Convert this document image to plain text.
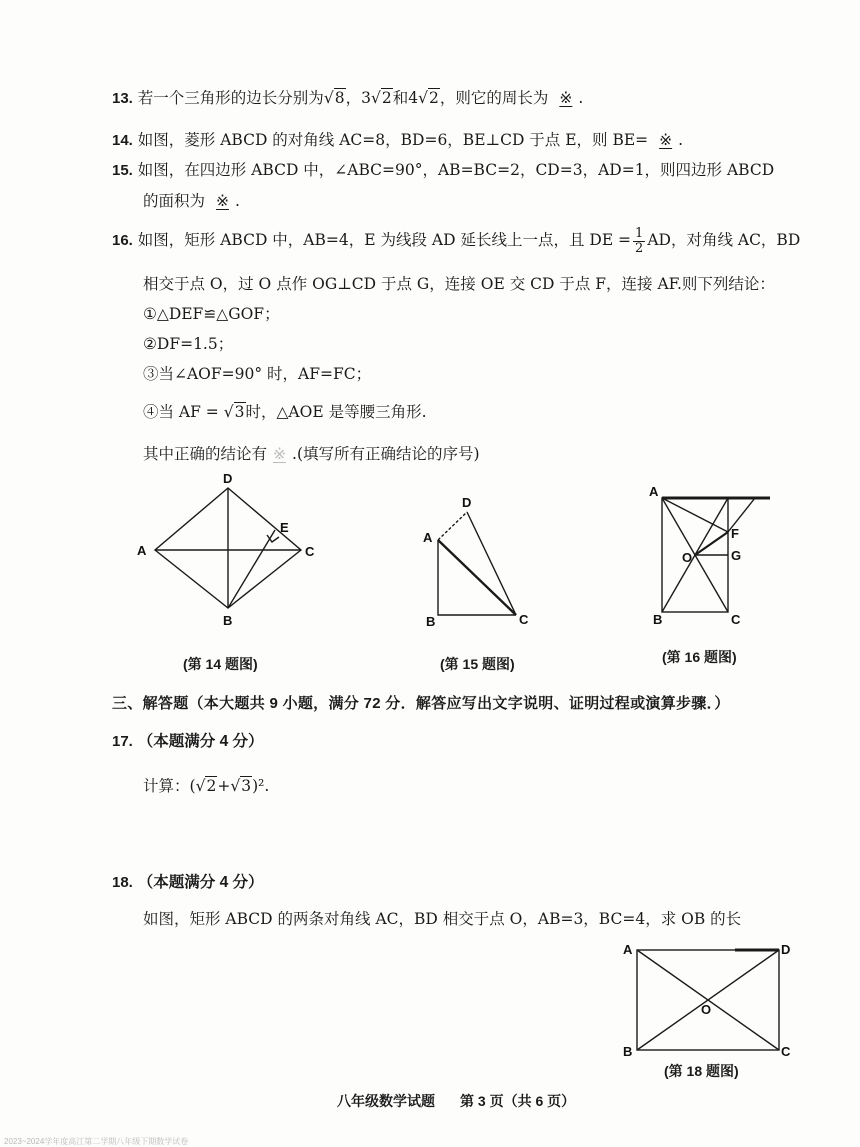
13. 若一个三角形的边长分别为√8，3√2和4√2，则它的周长为 ※ .
14. 如图，菱形 ABCD 的对角线 AC=8，BD=6，BE⊥CD 于点 E，则 BE= ※ .
15. 如图，在四边形 ABCD 中，∠ABC=90°，AB=BC=2，CD=3，AD=1，则四边形 ABCD
的面积为 ※ .
16. 如图，矩形 ABCD 中，AB=4，E 为线段 AD 延长线上一点，且 DE = $\frac{1}{2}$ AD，对角线 AC，BD
相交于点 O，过 O 点作 OG⊥CD 于点 G，连接 OE 交 CD 于点 F，连接 AF.则下列结论：
①△DEF≌△GOF；
②DF=1.5；
③当∠AOF=90° 时，AF=FC；
④当 AF = √3时，△AOE 是等腰三角形.
其中正确的结论有 ※ .(填写所有正确结论的序号)
D
A
B
C
E
(第 14 题图)
D
A
B	C
(第 15 题图)
A
F
G
O
B	C
(第 16 题图)
三、解答题（本大题共 9 小题，满分 72 分．解答应写出文字说明、证明过程或演算步骤．）
17. （本题满分 4 分）
计算：(√2+√3)².
18. （本题满分 4 分）
如图，矩形 ABCD 的两条对角线 AC，BD 相交于点 O，AB=3，BC=4，求 OB 的长
A	D
O
B	C
(第 18 题图)
八年级数学试题 第 3 页（共 6 页）
2023~2024学年度高江第二学期八年级下期数学试卷
